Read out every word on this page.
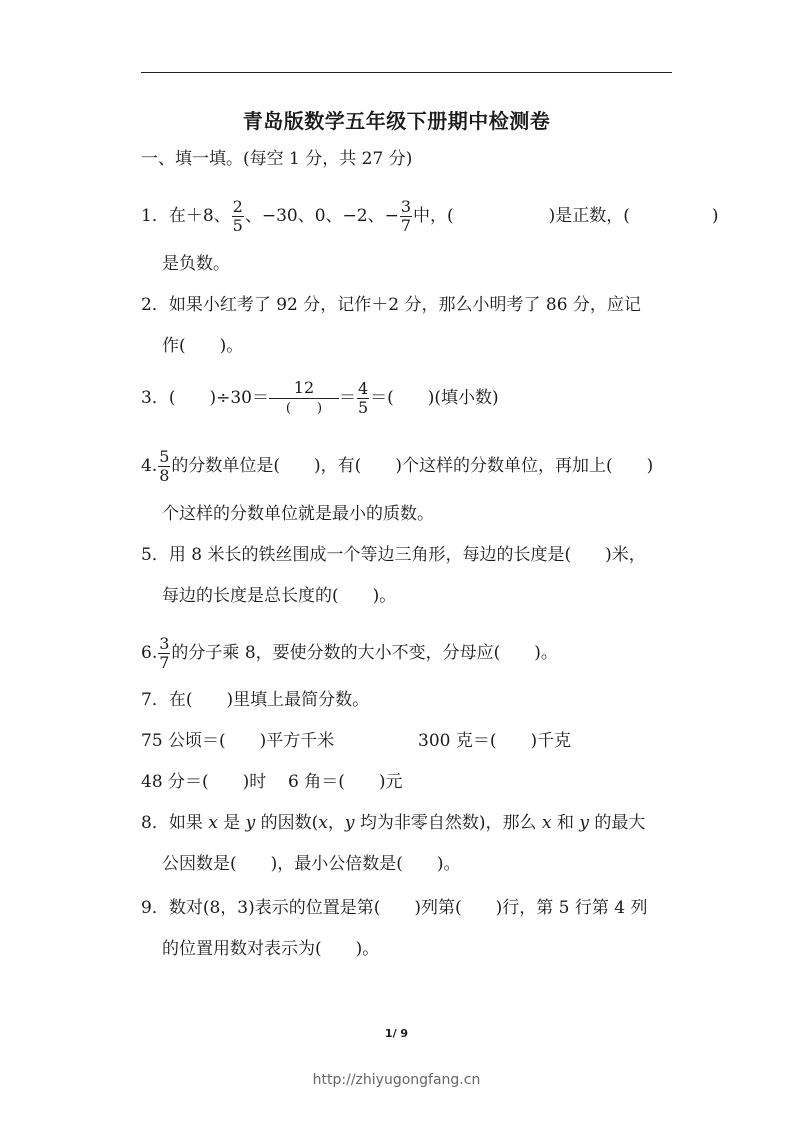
青岛版数学五年级下册期中检测卷
一、填一填。(每空 1 分，共 27 分)
1．在＋8、 $\frac{2}{5}$ 、−30、0、−2、− $\frac{3}{7}$ 中，(	)是正数，(	)
是负数。
2．如果小红考了 92 分，记作＋2 分，那么小明考了 86 分，应记
作(　　)。
3．(　　)$\div 30= \frac{12}{( )} = \frac{4}{5}$ ＝(　　)(填小数)
4. $\frac{5}{8}$ 的分数单位是(　　)，有(　　)个这样的分数单位，再加上(　　)
个这样的分数单位就是最小的质数。
5．用 8 米长的铁丝围成一个等边三角形，每边的长度是(　　)米，
每边的长度是总长度的(　　)。
6. $\frac{3}{7}$ 的分子乘 8，要使分数的大小不变，分母应(　　)。
7．在(　　)里填上最简分数。
75 公顷＝(　　)平方千米	300 克＝(　　)千克
48 分＝(　　)时 6 角＝(　　)元
8．如果 x 是 y 的因数(x，y 均为非零自然数)，那么 x 和 y 的最大
公因数是(　　)，最小公倍数是(　　)。
9．数对(8，3)表示的位置是第(　　)列第(　　)行，第 5 行第 4 列
的位置用数对表示为(　　)。
1/ 9
http://zhiyugongfang.cn
